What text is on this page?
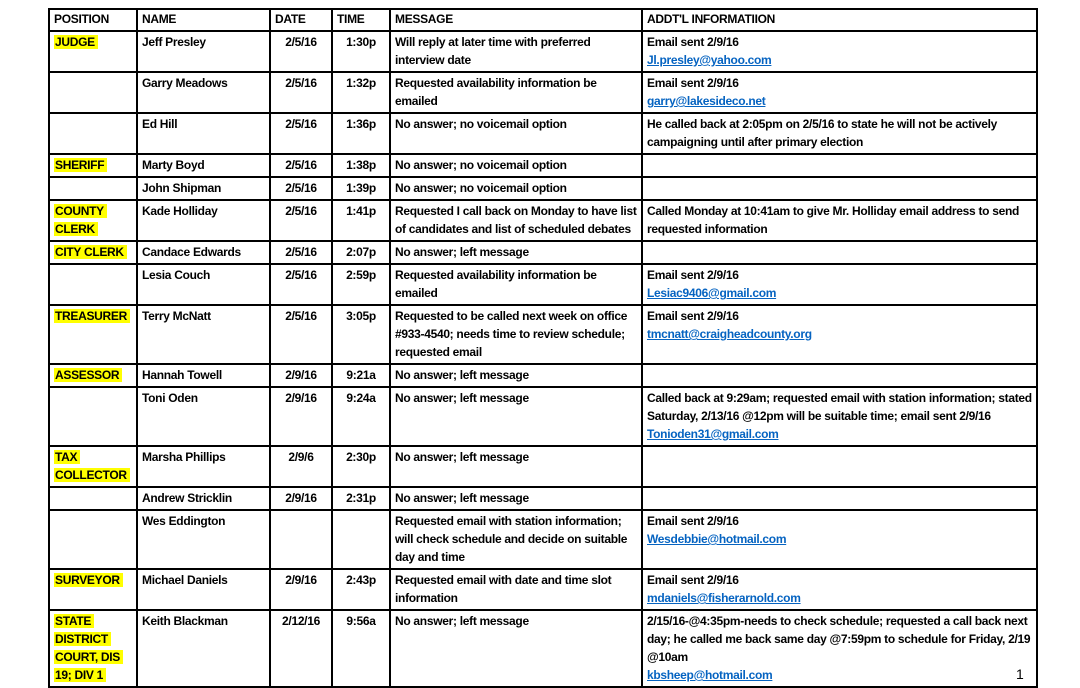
POSITION	NAME	DATE	TIME	MESSAGE	ADDT'L INFORMATIION
JUDGE	Jeff Presley	2/5/16	1:30p	Will reply at later time with preferred interview date	Email sent 2/9/16
Jl.presley@yahoo.com

	Garry Meadows	2/5/16	1:32p	Requested availability information be emailed	Email sent 2/9/16
garry@lakesideco.net

	Ed Hill	2/5/16	1:36p	No answer; no voicemail option	He called back at 2:05pm on 2/5/16 to state he will not be actively campaigning until after primary election

SHERIFF	Marty Boyd	2/5/16	1:38p	No answer; no voicemail option	
	John Shipman	2/5/16	1:39p	No answer; no voicemail option	
COUNTY CLERK	Kade Holliday	2/5/16	1:41p	Requested I call back on Monday to have list of candidates and list of scheduled debates	Called Monday at 10:41am to give Mr. Holliday email address to send requested information

CITY CLERK	Candace Edwards	2/5/16	2:07p	No answer; left message	
	Lesia Couch	2/5/16	2:59p	Requested availability information be emailed	Email sent 2/9/16
Lesiac9406@gmail.com

TREASURER	Terry McNatt	2/5/16	3:05p	Requested to be called next week on office #933-4540; needs time to review schedule; requested email	Email sent 2/9/16
tmcnatt@craigheadcounty.org

ASSESSOR	Hannah Towell	2/9/16	9:21a	No answer; left message	
	Toni Oden	2/9/16	9:24a	No answer; left message	Called back at 9:29am; requested email with station information; stated Saturday, 2/13/16 @12pm will be suitable time; email sent 2/9/16
Tonioden31@gmail.com

TAX COLLECTOR	Marsha Phillips	2/9/6	2:30p	No answer; left message	
	Andrew Stricklin	2/9/16	2:31p	No answer; left message	
	Wes Eddington			Requested email with station information; will check schedule and decide on suitable day and time	Email sent 2/9/16
Wesdebbie@hotmail.com

SURVEYOR	Michael Daniels	2/9/16	2:43p	Requested email with date and time slot information	Email sent 2/9/16
mdaniels@fisherarnold.com

STATE DISTRICT COURT, DIS 19; DIV 1	Keith Blackman	2/12/16	9:56a	No answer; left message	2/15/16-@4:35pm-needs to check schedule; requested a call back next day; he called me back same day @7:59pm to schedule for Friday, 2/19 @10am
kbsheep@hotmail.com	1
